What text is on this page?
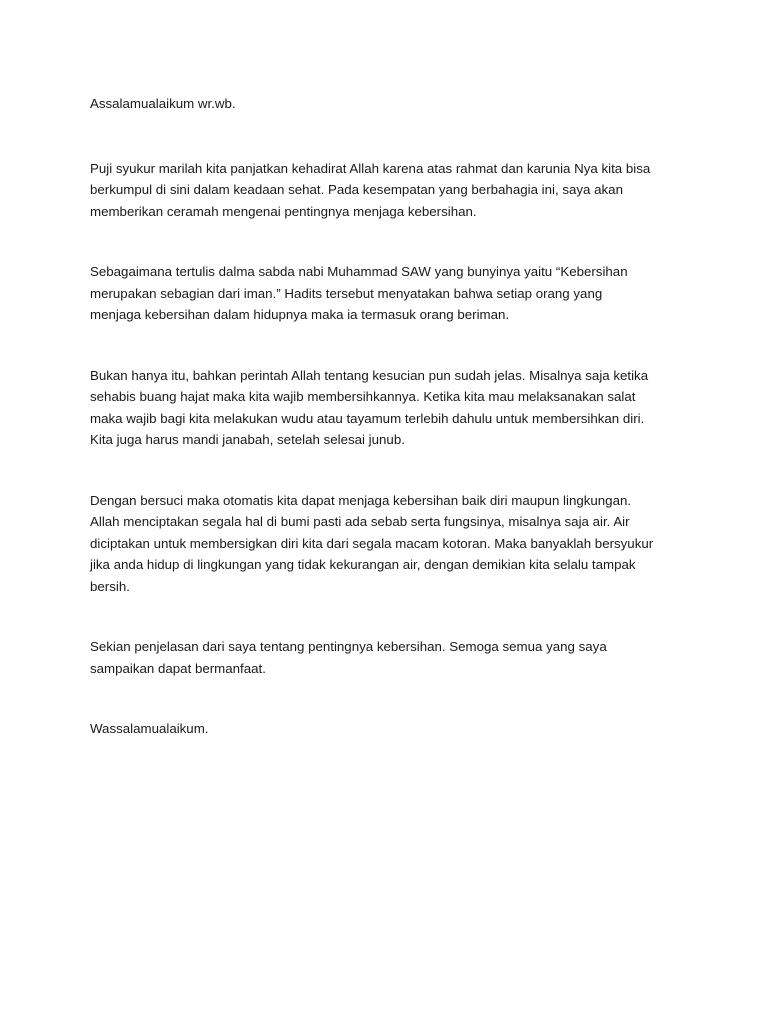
Assalamualaikum wr.wb.

Puji syukur marilah kita panjatkan kehadirat Allah karena atas rahmat dan karunia Nya kita bisa

berkumpul di sini dalam keadaan sehat. Pada kesempatan yang berbahagia ini, saya akan

memberikan ceramah mengenai pentingnya menjaga kebersihan.

Sebagaimana tertulis dalma sabda nabi Muhammad SAW yang bunyinya yaitu “Kebersihan

merupakan sebagian dari iman.” Hadits tersebut menyatakan bahwa setiap orang yang

menjaga kebersihan dalam hidupnya maka ia termasuk orang beriman.

Bukan hanya itu, bahkan perintah Allah tentang kesucian pun sudah jelas. Misalnya saja ketika

sehabis buang hajat maka kita wajib membersihkannya. Ketika kita mau melaksanakan salat

maka wajib bagi kita melakukan wudu atau tayamum terlebih dahulu untuk membersihkan diri.

Kita juga harus mandi janabah, setelah selesai junub.

Dengan bersuci maka otomatis kita dapat menjaga kebersihan baik diri maupun lingkungan.

Allah menciptakan segala hal di bumi pasti ada sebab serta fungsinya, misalnya saja air. Air

diciptakan untuk membersigkan diri kita dari segala macam kotoran. Maka banyaklah bersyukur

jika anda hidup di lingkungan yang tidak kekurangan air, dengan demikian kita selalu tampak

bersih.

Sekian penjelasan dari saya tentang pentingnya kebersihan. Semoga semua yang saya

sampaikan dapat bermanfaat.

Wassalamualaikum.
